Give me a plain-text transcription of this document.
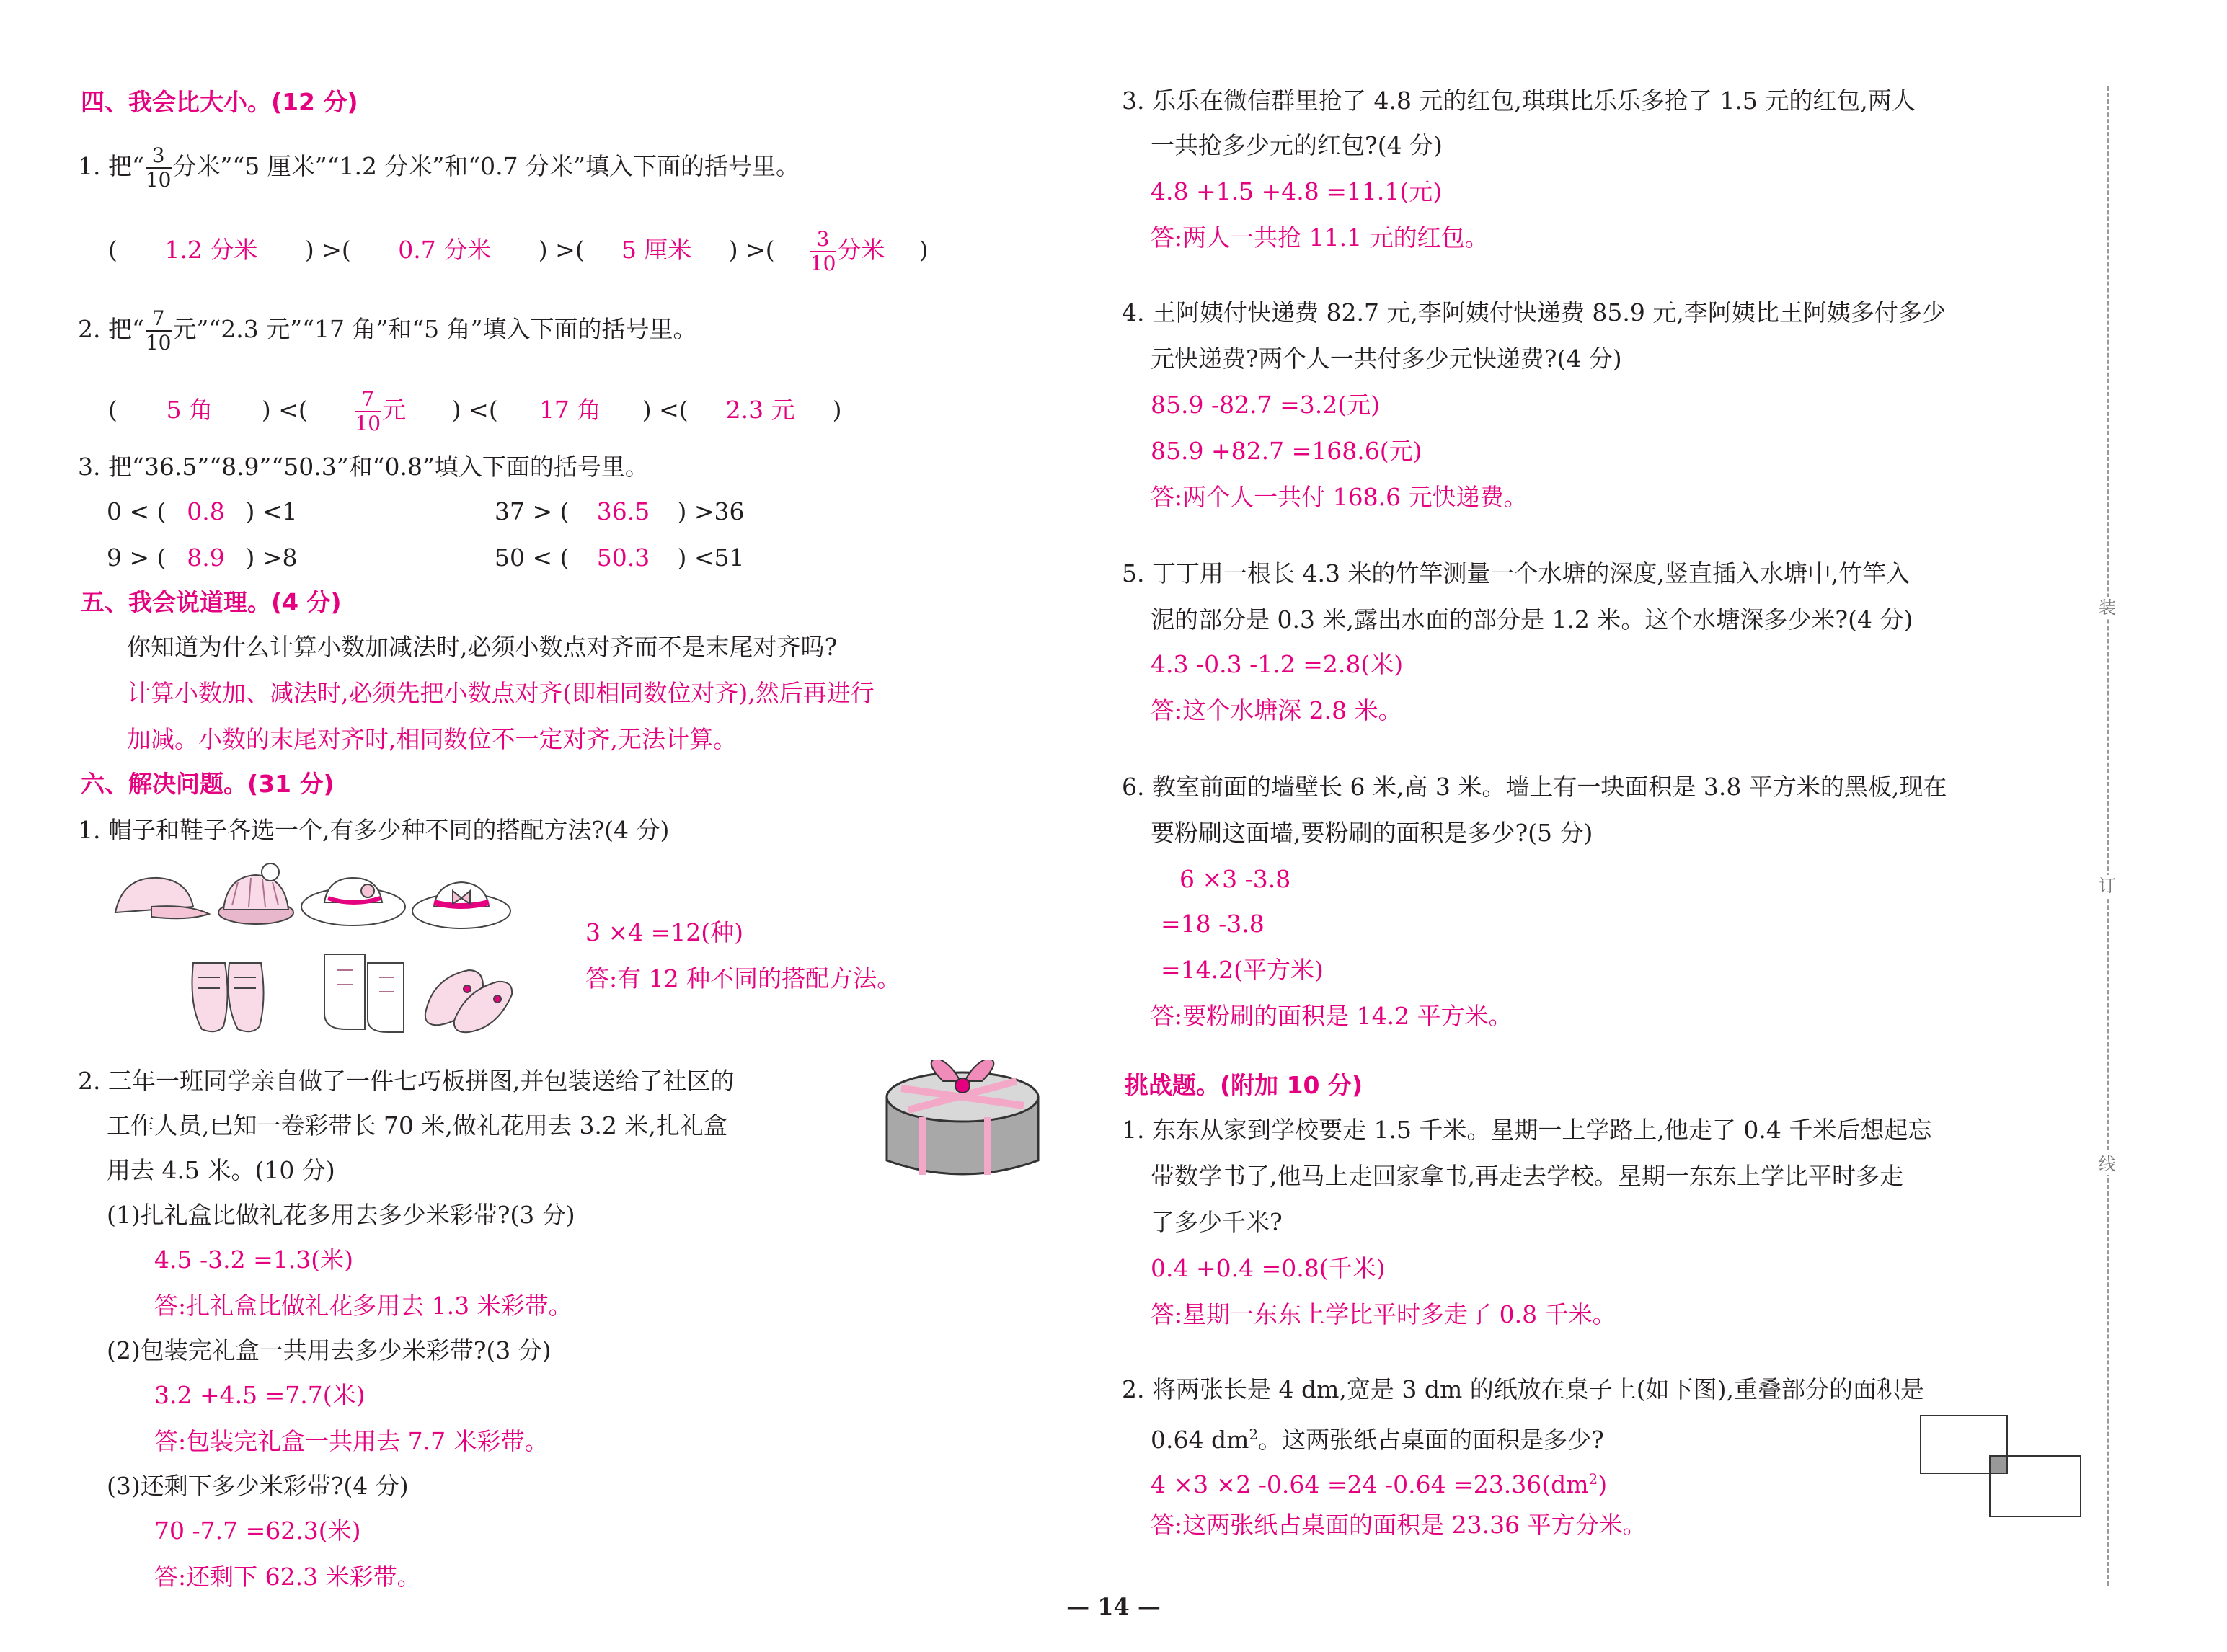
四、我会比大小。(12 分)
1. 把“ $\frac{3}{10}$ 分米”“5 厘米”“1.2 分米”和“0.7 分米”填入下面的括号里。
( 1.2 分米 ) >( 0.7 分米 ) >( 5 厘米 ) >( $\frac{3}{10}$ 分米 )
2. 把“ $\frac{7}{10}$ 元”“2.3 元”“17 角”和“5 角”填入下面的括号里。
( 5 角 ) <( $\frac{7}{10}$ 元 ) <( 17 角 ) <( 2.3 元 )
3. 把“36.5”“8.9”“50.3”和“0.8”填入下面的括号里。
0 < ( 0.8 ) <1	37 > ( 36.5 ) >36
9 > ( 8.9 ) >8	50 < ( 50.3 ) <51
五、我会说道理。(4 分)
你知道为什么计算小数加减法时,必须小数点对齐而不是末尾对齐吗?
计算小数加、减法时,必须先把小数点对齐(即相同数位对齐),然后再进行
加减。小数的末尾对齐时,相同数位不一定对齐,无法计算。
六、解决问题。(31 分)
1. 帽子和鞋子各选一个,有多少种不同的搭配方法?(4 分)
3 ×4 =12(种)
答:有 12 种不同的搭配方法。
2. 三年一班同学亲自做了一件七巧板拼图,并包装送给了社区的
工作人员,已知一卷彩带长 70 米,做礼花用去 3.2 米,扎礼盒
用去 4.5 米。(10 分)
(1)扎礼盒比做礼花多用去多少米彩带?(3 分)
4.5 -3.2 =1.3(米)
答:扎礼盒比做礼花多用去 1.3 米彩带。
(2)包装完礼盒一共用去多少米彩带?(3 分)
3.2 +4.5 =7.7(米)
答:包装完礼盒一共用去 7.7 米彩带。
(3)还剩下多少米彩带?(4 分)
70 -7.7 =62.3(米)
答:还剩下 62.3 米彩带。
3. 乐乐在微信群里抢了 4.8 元的红包,琪琪比乐乐多抢了 1.5 元的红包,两人
一共抢多少元的红包?(4 分)
4.8 +1.5 +4.8 =11.1(元)
答:两人一共抢 11.1 元的红包。
4. 王阿姨付快递费 82.7 元,李阿姨付快递费 85.9 元,李阿姨比王阿姨多付多少
元快递费?两个人一共付多少元快递费?(4 分)
85.9 -82.7 =3.2(元)
85.9 +82.7 =168.6(元)
答:两个人一共付 168.6 元快递费。
5. 丁丁用一根长 4.3 米的竹竿测量一个水塘的深度,竖直插入水塘中,竹竿入
泥的部分是 0.3 米,露出水面的部分是 1.2 米。这个水塘深多少米?(4 分)
4.3 -0.3 -1.2 =2.8(米)
答:这个水塘深 2.8 米。
6. 教室前面的墙壁长 6 米,高 3 米。墙上有一块面积是 3.8 平方米的黑板,现在
要粉刷这面墙,要粉刷的面积是多少?(5 分)
6 ×3 -3.8
=18 -3.8
=14.2(平方米)
答:要粉刷的面积是 14.2 平方米。
挑战题。(附加 10 分)
1. 东东从家到学校要走 1.5 千米。星期一上学路上,他走了 0.4 千米后想起忘
带数学书了,他马上走回家拿书,再走去学校。星期一东东上学比平时多走
了多少千米?
0.4 +0.4 =0.8(千米)
答:星期一东东上学比平时多走了 0.8 千米。
2. 将两张长是 4 dm,宽是 3 dm 的纸放在桌子上(如下图),重叠部分的面积是
0.64 $dm^2$。这两张纸占桌面的面积是多少?
4 ×3 ×2 -0.64 =24 $-0.64 =23.36(dm^2)$
答:这两张纸占桌面的面积是 23.36 平方分米。
装
订
线
— 14 —
